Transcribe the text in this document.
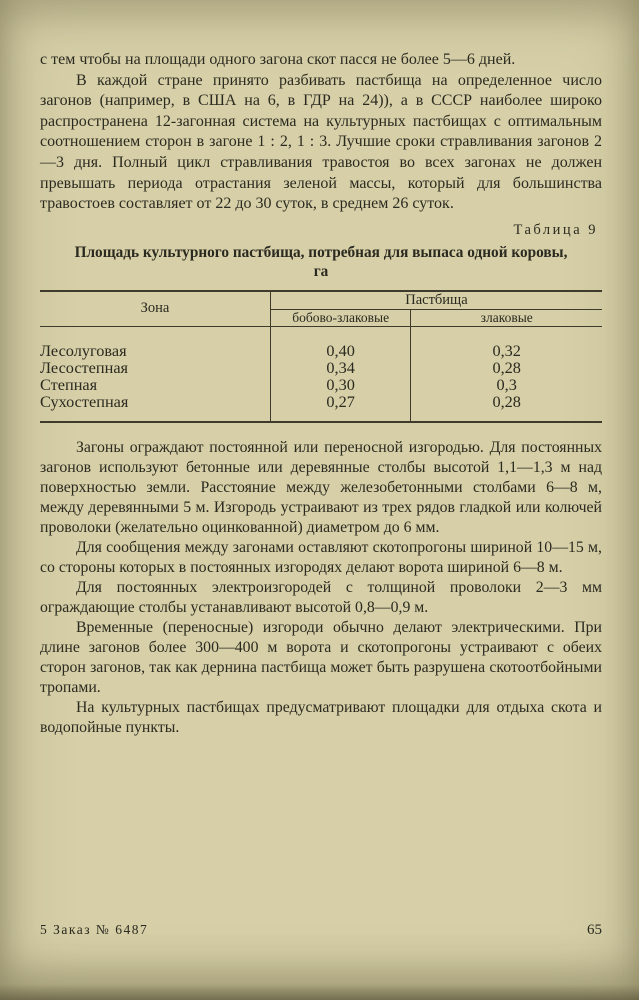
с тем чтобы на площади одного загона скот пасся не более 5—6 дней.

В каждой стране принято разбивать пастбища на определенное число загонов (например, в США на 6, в ГДР на 24)), а в СССР наиболее широко распространена 12-загонная система на культурных пастбищах с оптимальным соотношением сторон в загоне 1 : 2, 1 : 3. Лучшие сроки стравливания загонов 2—3 дня. Полный цикл стравливания травостоя во всех загонах не должен превышать периода отрастания зеленой массы, который для большинства травостоев составляет от 22 до 30 суток, в среднем 26 суток.

Таблица 9
Площадь культурного пастбища, потребная для выпаса одной коровы, га
Зона	Пастбища	
	бобово-злаковые	злаковые
Лесолуговая	0,40	0,32
Лесостепная	0,34	0,28
Степная	0,30	0,3
Сухостепная	0,27	0,28

Загоны ограждают постоянной или переносной изгородью. Для постоянных загонов используют бетонные или деревянные столбы высотой 1,1—1,3 м над поверхностью земли. Расстояние между железобетонными столбами 6—8 м, между деревянными 5 м. Изгородь устраивают из трех рядов гладкой или колючей проволоки (желательно оцинкованной) диаметром до 6 мм.

Для сообщения между загонами оставляют скотопрогоны шириной 10—15 м, со стороны которых в постоянных изгородях делают ворота шириной 6—8 м.

Для постоянных электроизгородей с толщиной проволоки 2—3 мм ограждающие столбы устанавливают высотой 0,8—0,9 м.

Временные (переносные) изгороди обычно делают электрическими. При длине загонов более 300—400 м ворота и скотопрогоны устраивают с обеих сторон загонов, так как дернина пастбища может быть разрушена скотоотбойными тропами.

На культурных пастбищах предусматривают площадки для отдыха скота и водопойные пункты.

5 Заказ № 6487	65
